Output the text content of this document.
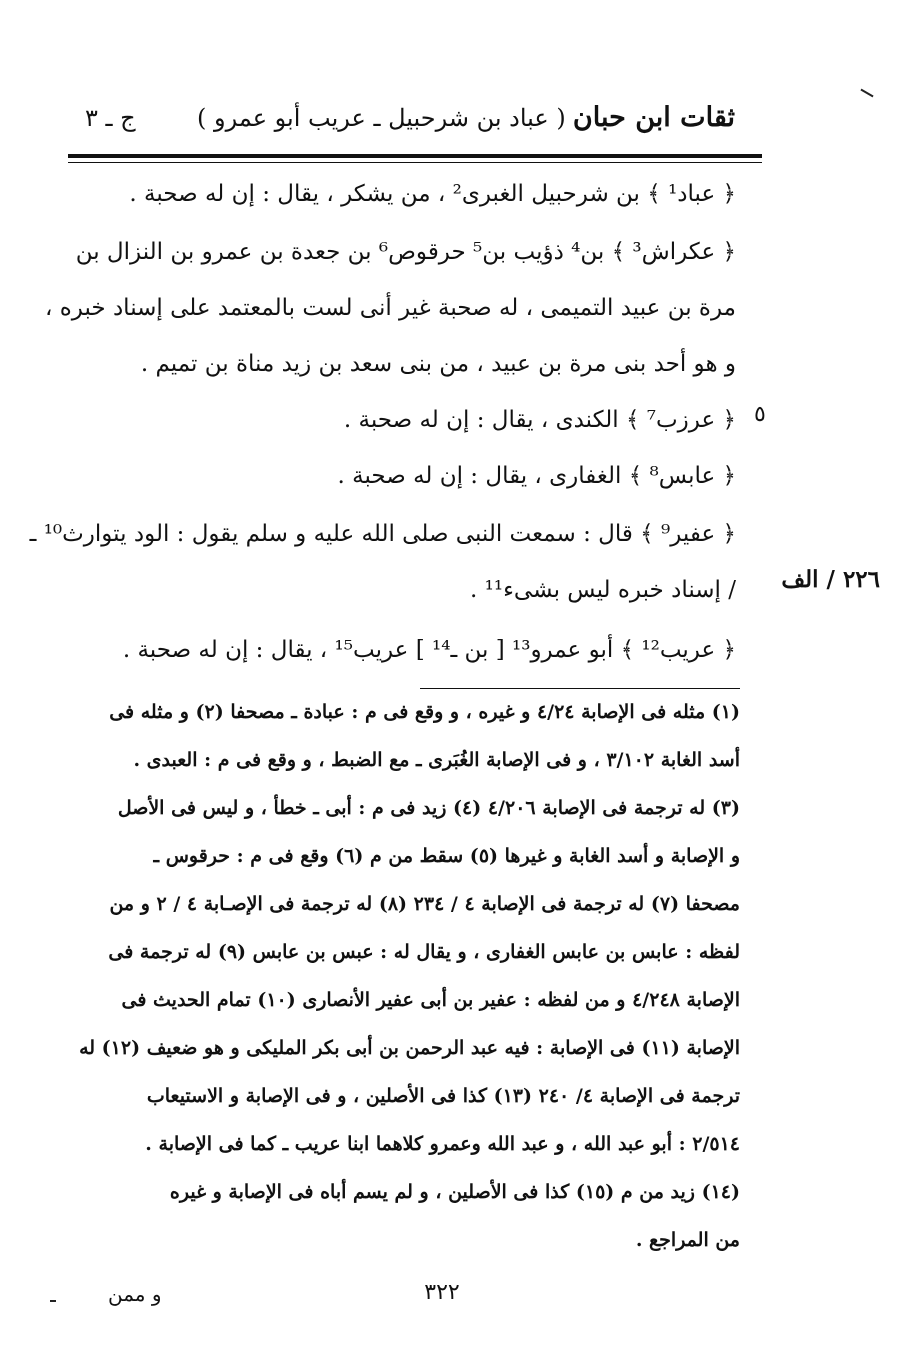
ثقات ابن حبان
( عباد بن شرحبيل ـ عريب أبو عمرو )
ج ـ ٣
﴿ عباد¹ ﴾ بن شرحبيل الغبرى² ، من يشكر ، يقال : إن له صحبة .
﴿ عكراش³ ﴾ بن⁴ ذؤيب بن⁵ حرقوص⁶ بن جعدة بن عمرو بن النزال بن
مرة بن عبيد التميمى ، له صحبة غير أنى لست بالمعتمد على إسناد خبره ،
و هو أحد بنى مرة بن عبيد ، من بنى سعد بن زيد مناة بن تميم .
﴿ عرزب⁷ ﴾ الكندى ، يقال : إن له صحبة .
﴿ عابس⁸ ﴾ الغفارى ، يقال : إن له صحبة .
﴿ عفير⁹ ﴾ قال : سمعت النبى صلى الله عليه و سلم يقول : الود يتوارث¹⁰ ـ
/ إسناد خبره ليس بشىء¹¹ .
﴿ عريب¹² ﴾ أبو عمرو¹³ [ بن ـ¹⁴ ] عريب¹⁵ ، يقال : إن له صحبة .
٥
٢٢٦ / الف
(١) مثله فى الإصابة ٤/٢٤ و غيره ، و وقع فى م : عبادة ـ مصحفا (٢) و مثله فى
أسد الغابة ٣/١٠٢ ، و فى الإصابة الغُبَرى ـ مع الضبط ، و وقع فى م : العبدى .
(٣) له ترجمة فى الإصابة ٤/٢٠٦ (٤) زيد فى م : أبى ـ خطأ ، و ليس فى الأصل
و الإصابة و أسد الغابة و غيرها (٥) سقط من م (٦) وقع فى م : حرقوس ـ
مصحفا (٧) له ترجمة فى الإصابة ٤ / ٢٣٤ (٨) له ترجمة فى الإصـابة ٤ / ٢ و من
لفظه : عابس بن عابس الغفارى ، و يقال له : عبس بن عابس (٩) له ترجمة فى
الإصابة ٤/٢٤٨ و من لفظه : عفير بن أبى عفير الأنصارى (١٠) تمام الحديث فى
الإصابة (١١) فى الإصابة : فيه عبد الرحمن بن أبى بكر المليكى و هو ضعيف (١٢) له
ترجمة فى الإصابة ٤/ ٢٤٠ (١٣) كذا فى الأصلين ، و فى الإصابة و الاستيعاب
٢/٥١٤ : أبو عبد الله ، و عبد الله وعمرو كلاهما ابنا عريب ـ كما فى الإصابة .
(١٤) زيد من م (١٥) كذا فى الأصلين ، و لم يسم أباه فى الإصابة و غيره
من المراجع .
٣٢٢
و ممن
